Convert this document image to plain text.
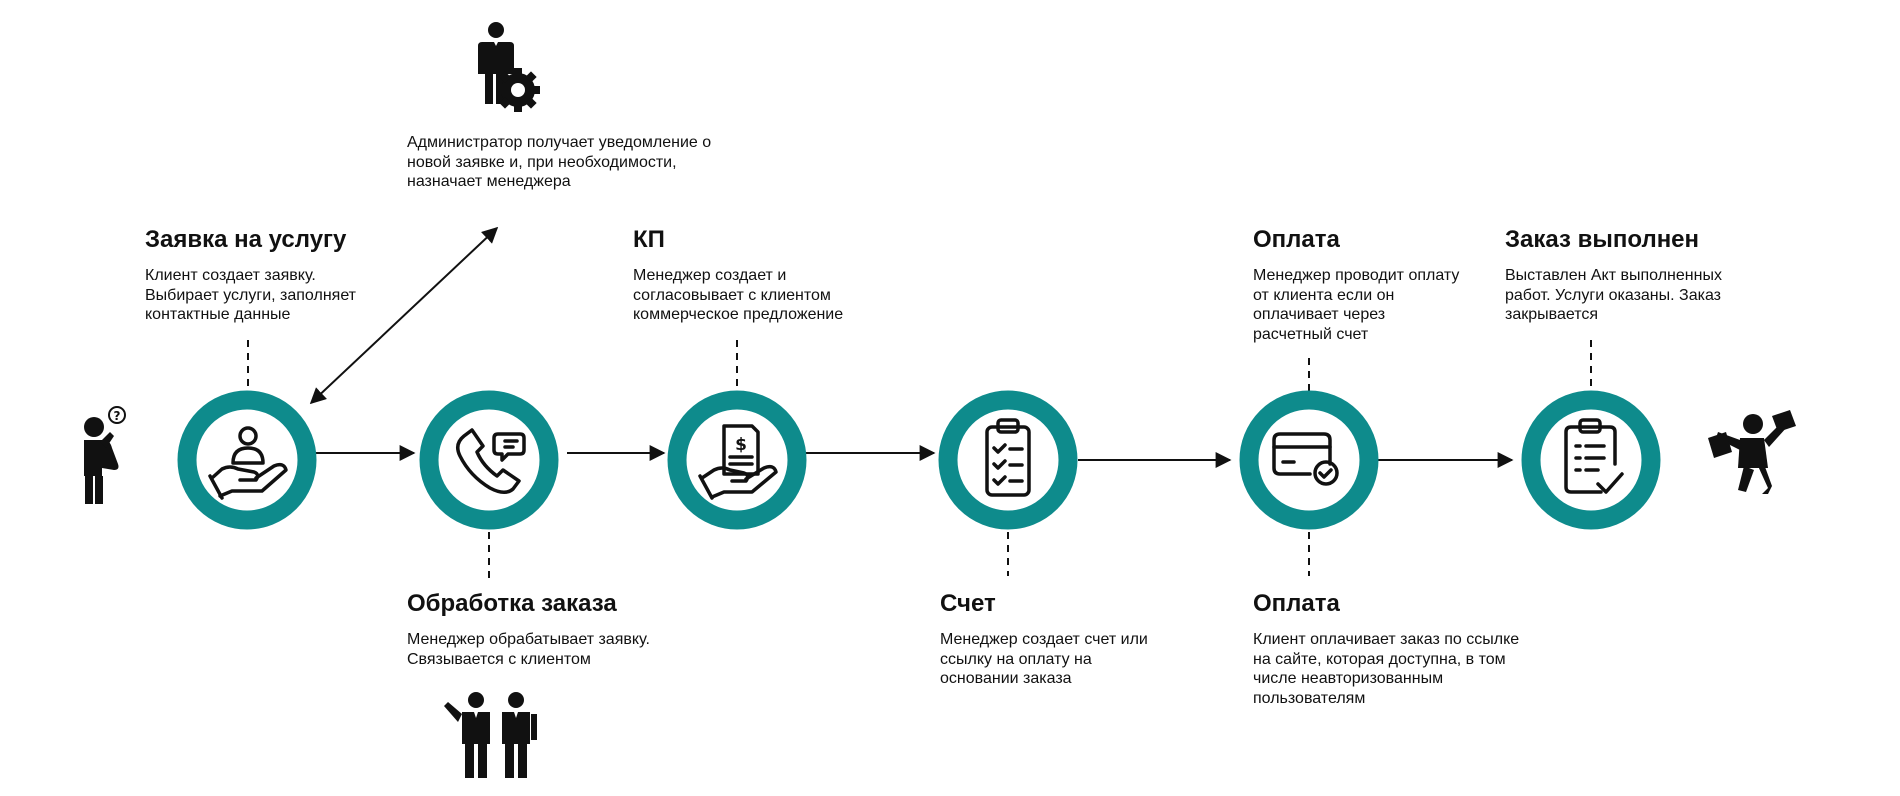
$
?
Администратор получает уведомление о
новой заявке и, при необходимости,
назначает менеджера
Заявка на услугу
Клиент создает заявку.
Выбирает услуги, заполняет
контактные данные
КП
Менеджер создает и
согласовывает с клиентом
коммерческое предложение
Оплата
Менеджер проводит оплату
от клиента если он
оплачивает через
расчетный счет
Заказ выполнен
Выставлен Акт выполненных
работ. Услуги оказаны. Заказ
закрывается
Обработка заказа
Менеджер обрабатывает заявку.
Связывается с клиентом
Счет
Менеджер создает счет или
ссылку на оплату на
основании заказа
Оплата
Клиент оплачивает заказ по ссылке
на сайте, которая доступна, в том
числе неавторизованным
пользователям
